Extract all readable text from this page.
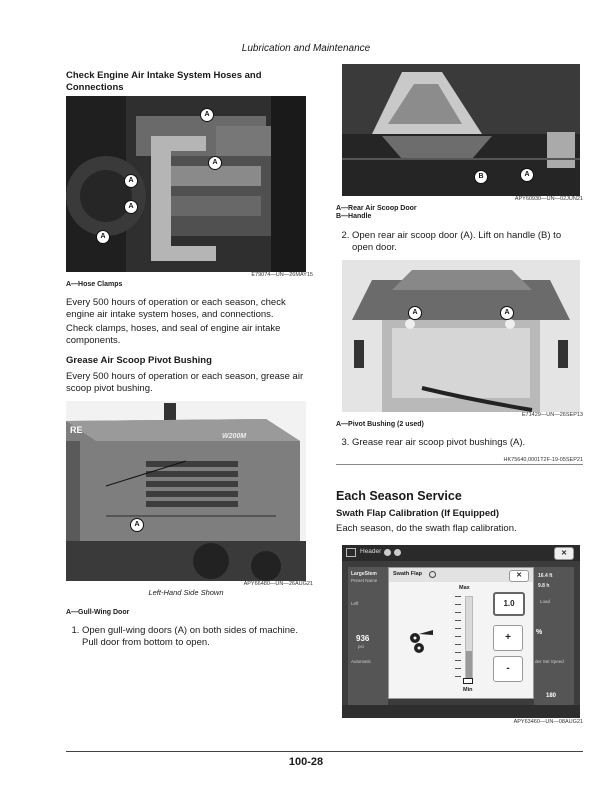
Lubrication and Maintenance
Check Engine Air Intake System Hoses and Connections
A
A
A
A
A
E79074—UN—26MAY15
A—Hose Clamps
Every 500 hours of operation or each season, check engine air intake system hoses, and connections.
Check clamps, hoses, and seal of engine air intake components.
Grease Air Scoop Pivot Bushing
Every 500 hours of operation or each season, grease air scoop pivot bushing.
RE
W200M
A
APY66480—UN—26AUG21
Left-Hand Side Shown
A—Gull-Wing Door
1. Open gull-wing doors (A) on both sides of machine. Pull door from bottom to open.
B	A
APY60930—UN—02JUN21
A—Rear Air Scoop Door
B—Handle
2. Open rear air scoop door (A). Lift on handle (B) to open door.
A	A
E71429—UN—26SEP13
A—Pivot Bushing (2 used)
3. Grease rear air scoop pivot bushings (A).
HK75640,0001T2F-19-05SEP21
Each Season Service
Swath Flap Calibration (If Equipped)
Each season, do the swath flap calibration.
Header	✕
LargeStem
Preset Name
Left
936
psi
Automatic
16.4 ft
9.8 h
Load
%
der Set Speed
180
Swath Flap	✕
Max
Min
1.0
+
-
APY63460—UN—08AUG21
100-28
